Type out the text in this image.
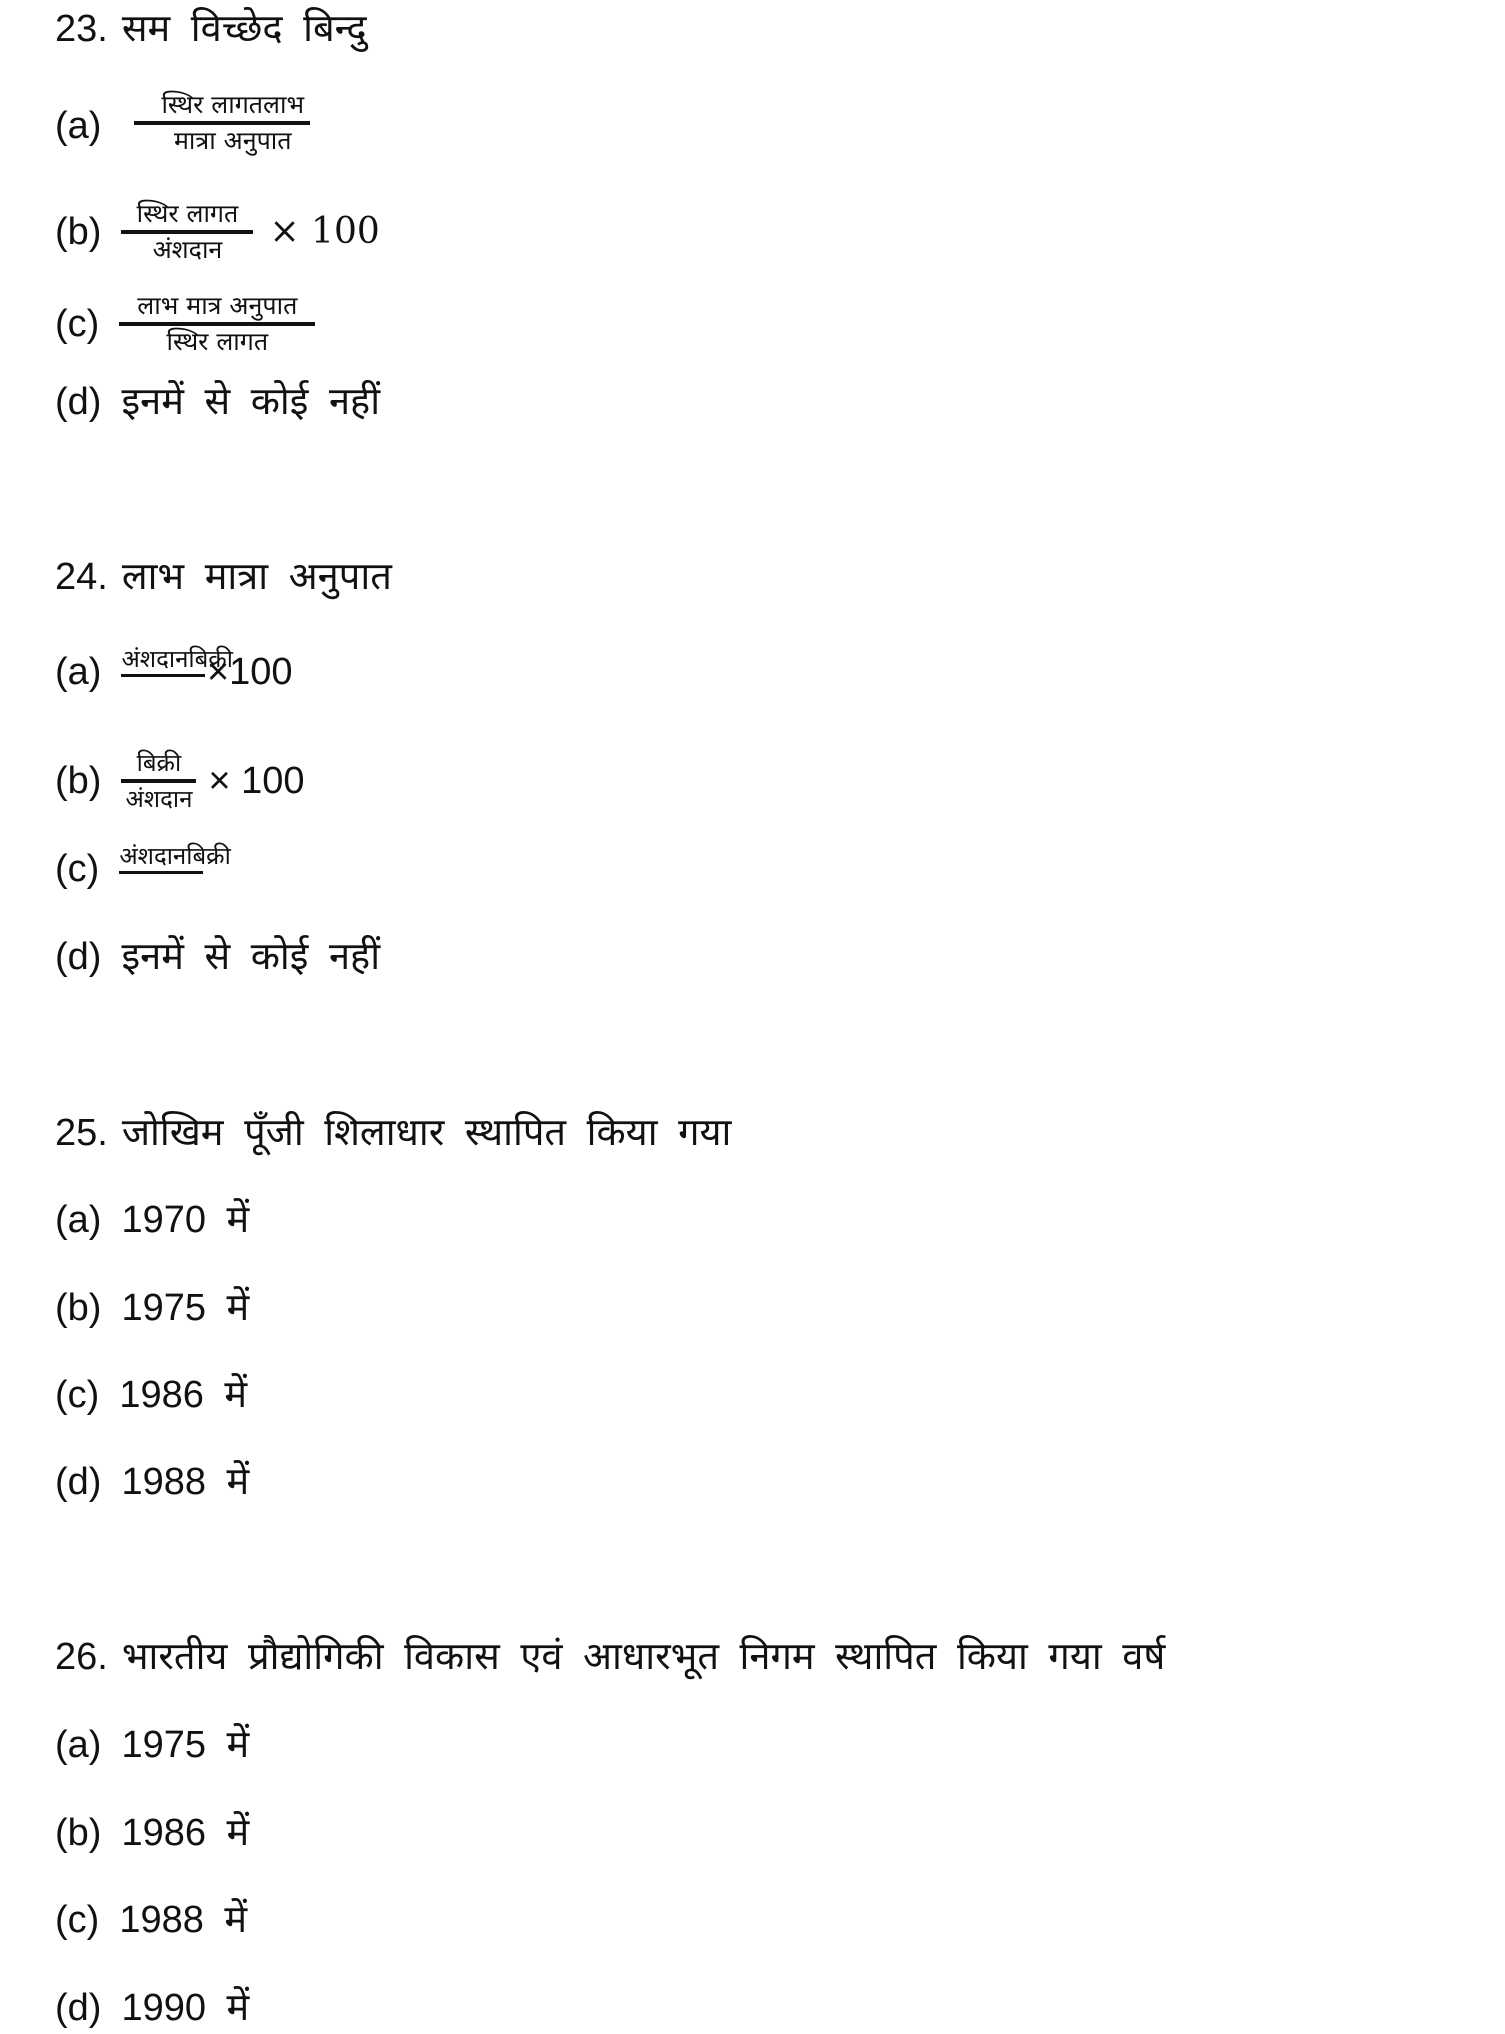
23. सम विच्छेद बिन्दु
$(a) \frac{\text{स्थिर लागतलाभ}}{\text{मात्रा अनुपात}}$
$(b) \frac{\text{स्थिर लागत}}{\text{अंशदान}} \times 100$
$(c) \frac{\text{लाभ मात्र अनुपात}}{\text{स्थिर लागत}}$
(d) इनमें से कोई नहीं
24. लाभ मात्रा अनुपात
(a) अंशदानबिक्री
×100
$(b) \frac{\text{बिक्री}}{\text{अंशदान}} \times 100$
(c) अंशदानबिक्री
(d) इनमें से कोई नहीं
25. जोखिम पूँजी शिलाधार स्थापित किया गया
(a) 1970 में
(b) 1975 में
(c) 1986 में
(d) 1988 में
26. भारतीय प्रौद्योगिकी विकास एवं आधारभूत निगम स्थापित किया गया वर्ष
(a) 1975 में
(b) 1986 में
(c) 1988 में
(d) 1990 में
